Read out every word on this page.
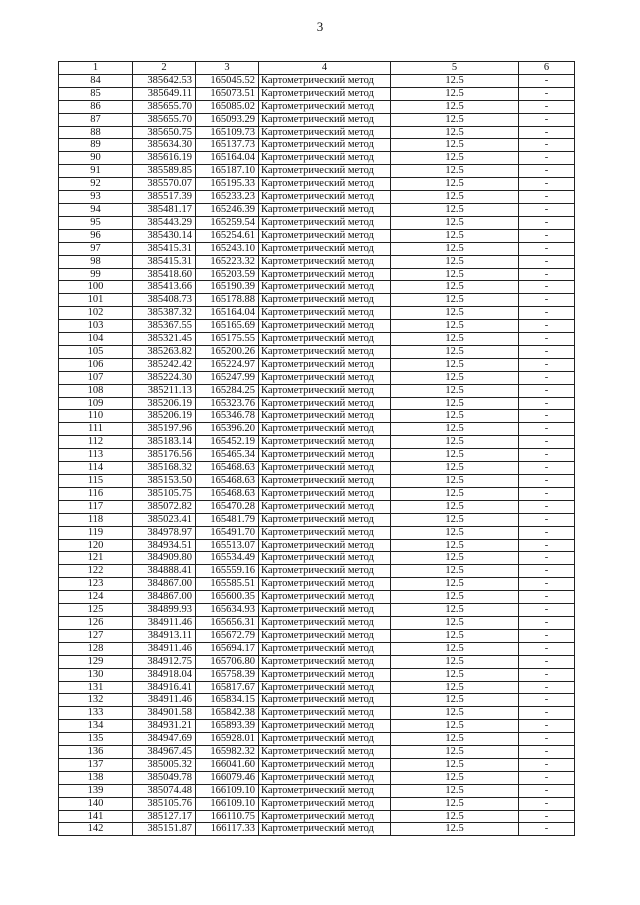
3
1	2	3	4	5	6
84	385642.53	165045.52	Картометрический метод	12.5	-
85	385649.11	165073.51	Картометрический метод	12.5	-
86	385655.70	165085.02	Картометрический метод	12.5	-
87	385655.70	165093.29	Картометрический метод	12.5	-
88	385650.75	165109.73	Картометрический метод	12.5	-
89	385634.30	165137.73	Картометрический метод	12.5	-
90	385616.19	165164.04	Картометрический метод	12.5	-
91	385589.85	165187.10	Картометрический метод	12.5	-
92	385570.07	165195.33	Картометрический метод	12.5	-
93	385517.39	165233.23	Картометрический метод	12.5	-
94	385481.17	165246.39	Картометрический метод	12.5	-
95	385443.29	165259.54	Картометрический метод	12.5	-
96	385430.14	165254.61	Картометрический метод	12.5	-
97	385415.31	165243.10	Картометрический метод	12.5	-
98	385415.31	165223.32	Картометрический метод	12.5	-
99	385418.60	165203.59	Картометрический метод	12.5	-
100	385413.66	165190.39	Картометрический метод	12.5	-
101	385408.73	165178.88	Картометрический метод	12.5	-
102	385387.32	165164.04	Картометрический метод	12.5	-
103	385367.55	165165.69	Картометрический метод	12.5	-
104	385321.45	165175.55	Картометрический метод	12.5	-
105	385263.82	165200.26	Картометрический метод	12.5	-
106	385242.42	165224.97	Картометрический метод	12.5	-
107	385224.30	165247.99	Картометрический метод	12.5	-
108	385211.13	165284.25	Картометрический метод	12.5	-
109	385206.19	165323.76	Картометрический метод	12.5	-
110	385206.19	165346.78	Картометрический метод	12.5	-
111	385197.96	165396.20	Картометрический метод	12.5	-
112	385183.14	165452.19	Картометрический метод	12.5	-
113	385176.56	165465.34	Картометрический метод	12.5	-
114	385168.32	165468.63	Картометрический метод	12.5	-
115	385153.50	165468.63	Картометрический метод	12.5	-
116	385105.75	165468.63	Картометрический метод	12.5	-
117	385072.82	165470.28	Картометрический метод	12.5	-
118	385023.41	165481.79	Картометрический метод	12.5	-
119	384978.97	165491.70	Картометрический метод	12.5	-
120	384934.51	165513.07	Картометрический метод	12.5	-
121	384909.80	165534.49	Картометрический метод	12.5	-
122	384888.41	165559.16	Картометрический метод	12.5	-
123	384867.00	165585.51	Картометрический метод	12.5	-
124	384867.00	165600.35	Картометрический метод	12.5	-
125	384899.93	165634.93	Картометрический метод	12.5	-
126	384911.46	165656.31	Картометрический метод	12.5	-
127	384913.11	165672.79	Картометрический метод	12.5	-
128	384911.46	165694.17	Картометрический метод	12.5	-
129	384912.75	165706.80	Картометрический метод	12.5	-
130	384918.04	165758.39	Картометрический метод	12.5	-
131	384916.41	165817.67	Картометрический метод	12.5	-
132	384911.46	165834.15	Картометрический метод	12.5	-
133	384901.58	165842.38	Картометрический метод	12.5	-
134	384931.21	165893.39	Картометрический метод	12.5	-
135	384947.69	165928.01	Картометрический метод	12.5	-
136	384967.45	165982.32	Картометрический метод	12.5	-
137	385005.32	166041.60	Картометрический метод	12.5	-
138	385049.78	166079.46	Картометрический метод	12.5	-
139	385074.48	166109.10	Картометрический метод	12.5	-
140	385105.76	166109.10	Картометрический метод	12.5	-
141	385127.17	166110.75	Картометрический метод	12.5	-
142	385151.87	166117.33	Картометрический метод	12.5	-
